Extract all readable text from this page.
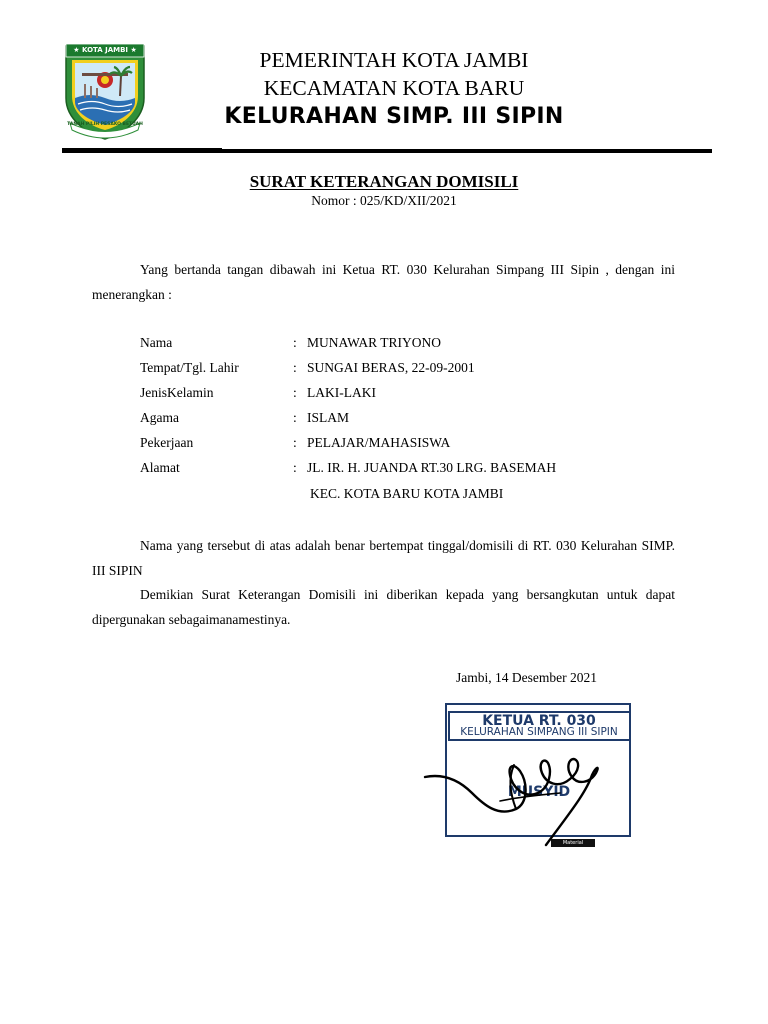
★ KOTA JAMBI ★
TANAH PILIH PESAKO BETUAH
PEMERINTAH KOTA JAMBI
KECAMATAN KOTA BARU
KELURAHAN SIMP. III SIPIN
SURAT KETERANGAN DOMISILI
Nomor : 025/KD/XII/2021

Yang bertanda tangan dibawah ini Ketua RT. 030 Kelurahan Simpang III Sipin , dengan ini menerangkan :

Nama	: MUNAWAR TRIYONO
Tempat/Tgl. Lahir	: SUNGAI BERAS, 22-09-2001
JenisKelamin	: LAKI-LAKI
Agama	: ISLAM
Pekerjaan	: PELAJAR/MAHASISWA
Alamat	: JL. IR. H. JUANDA RT.30 LRG. BASEMAH
KEC. KOTA BARU KOTA JAMBI

Nama yang tersebut di atas adalah benar bertempat tinggal/domisili di RT. 030 Kelurahan SIMP. III SIPIN

Demikian Surat Keterangan Domisili ini diberikan kepada yang bersangkutan untuk dapat dipergunakan sebagaimanamestinya.

Jambi, 14 Desember 2021
KETUA RT. 030
KELURAHAN SIMPANG III SIPIN
MUSYID
Material Community
